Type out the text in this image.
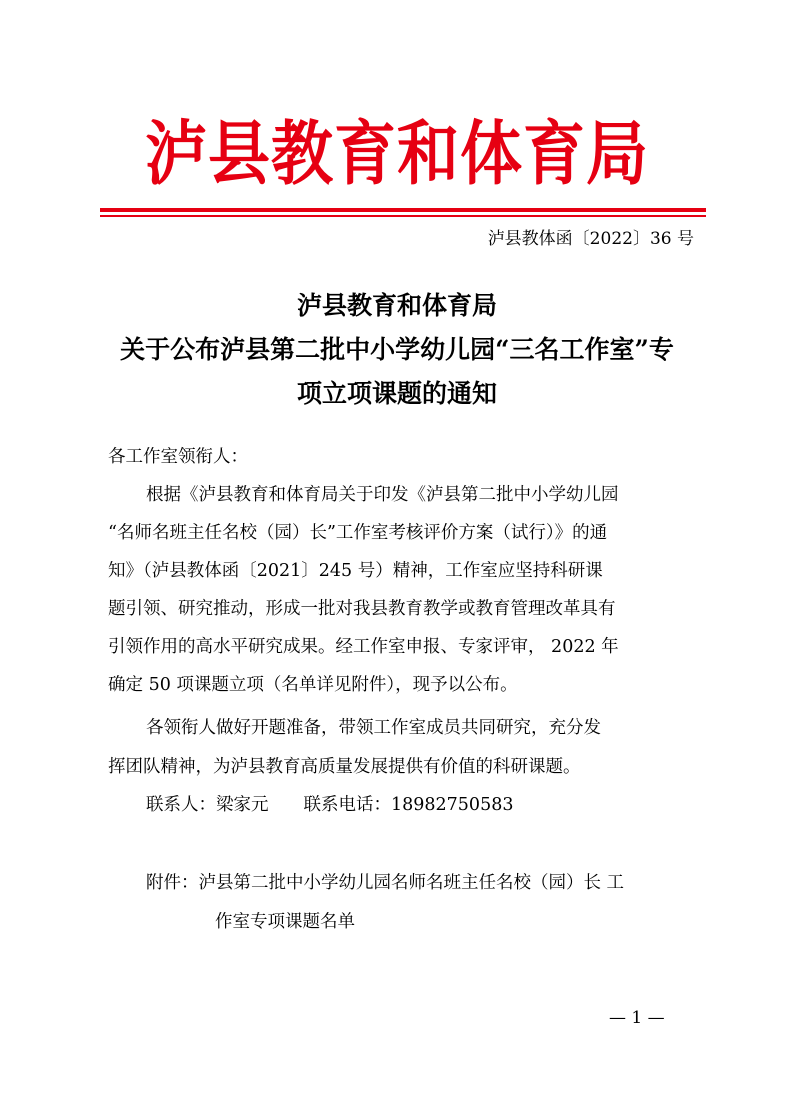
泸县教育和体育局
泸县教体函〔2022〕36 号
泸县教育和体育局
关于公布泸县第二批中小学幼儿园“三名工作室”专
项立项课题的通知
各工作室领衔人：
根据《泸县教育和体育局关于印发《泸县第二批中小学幼儿园
“名师名班主任名校（园）长”工作室考核评价方案（试行）》的通
知》（泸县教体函〔2021〕245 号）精神，工作室应坚持科研课
题引领、研究推动，形成一批对我县教育教学或教育管理改革具有
引领作用的高水平研究成果。经工作室申报、专家评审， 2022 年
确定 50 项课题立项（名单详见附件），现予以公布。
各领衔人做好开题准备，带领工作室成员共同研究，充分发
挥团队精神，为泸县教育高质量发展提供有价值的科研课题。
联系人：梁家元　　联系电话：18982750583
附件：泸县第二批中小学幼儿园名师名班主任名校（园）长 工
作室专项课题名单
— 1 —
